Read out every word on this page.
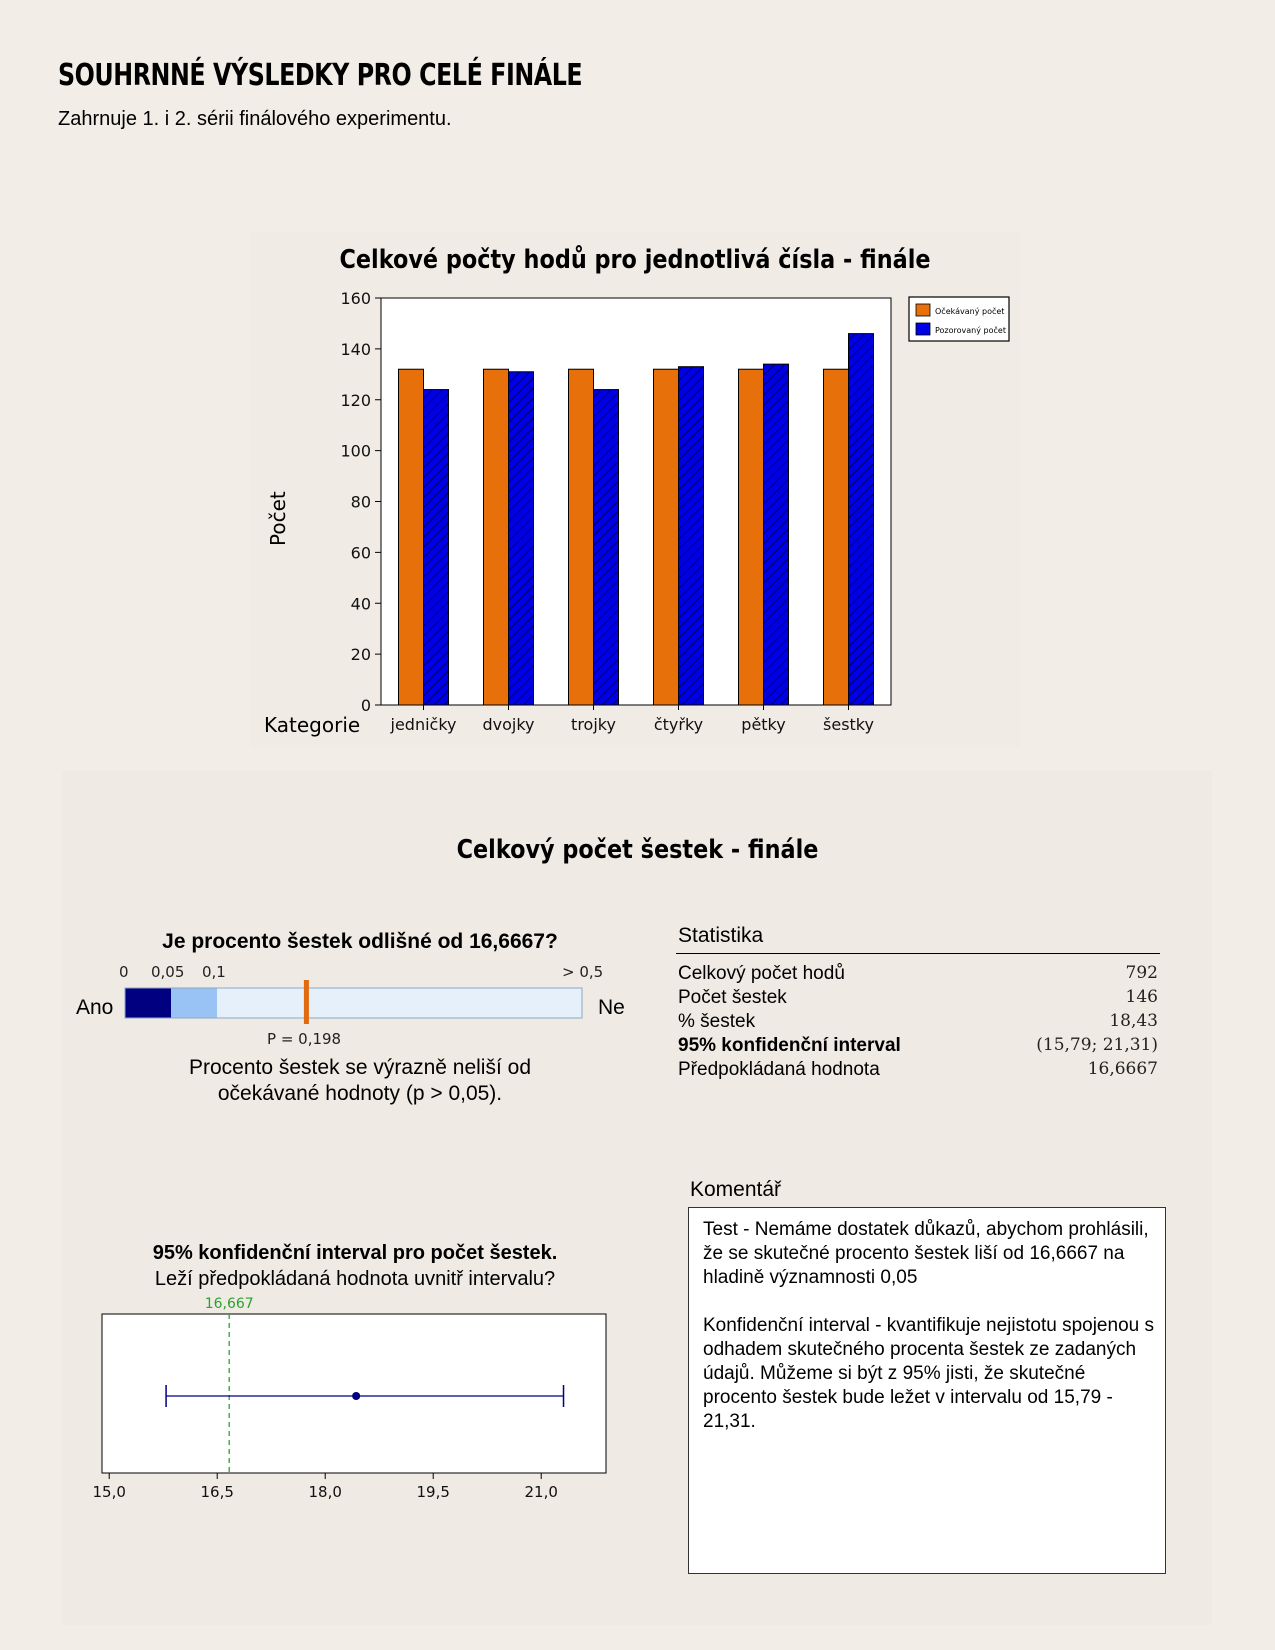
SOUHRNNÉ VÝSLEDKY PRO CELÉ FINÁLE
Zahrnuje 1. i 2. sérii finálového experimentu.
Celkové počty hodů pro jednotlivá čísla - finále
0
20
40
60
80
100
120
140
160
jedničky dvojky trojky čtyřky pětky šestky
Kategorie
Počet
Očekávaný počet
Pozorovaný počet
Celkový počet šestek - finále
Je procento šestek odlišné od 16,6667?
0 0,05 0,1	> 0,5
Ano	Ne
P = 0,198
Procento šestek se výrazně neliší od očekávané hodnoty (p > 0,05).
Statistika
Celkový počet hodů	792
Počet šestek	146
% šestek	18,43
95% konfidenční interval	(15,79; 21,31)
Předpokládaná hodnota	16,6667
95% konfidenční interval pro počet šestek.
Leží předpokládaná hodnota uvnitř intervalu?
15,0	16,5	18,0	19,5	21,0
16,667
Komentář
Test - Nemáme dostatek důkazů, abychom prohlásili, že se skutečné procento šestek liší od 16,6667 na hladině významnosti 0,05
Konfidenční interval - kvantifikuje nejistotu spojenou s odhadem skutečného procenta šestek ze zadaných údajů. Můžeme si být z 95% jisti, že skutečné procento šestek bude ležet v intervalu od 15,79 - 21,31.
